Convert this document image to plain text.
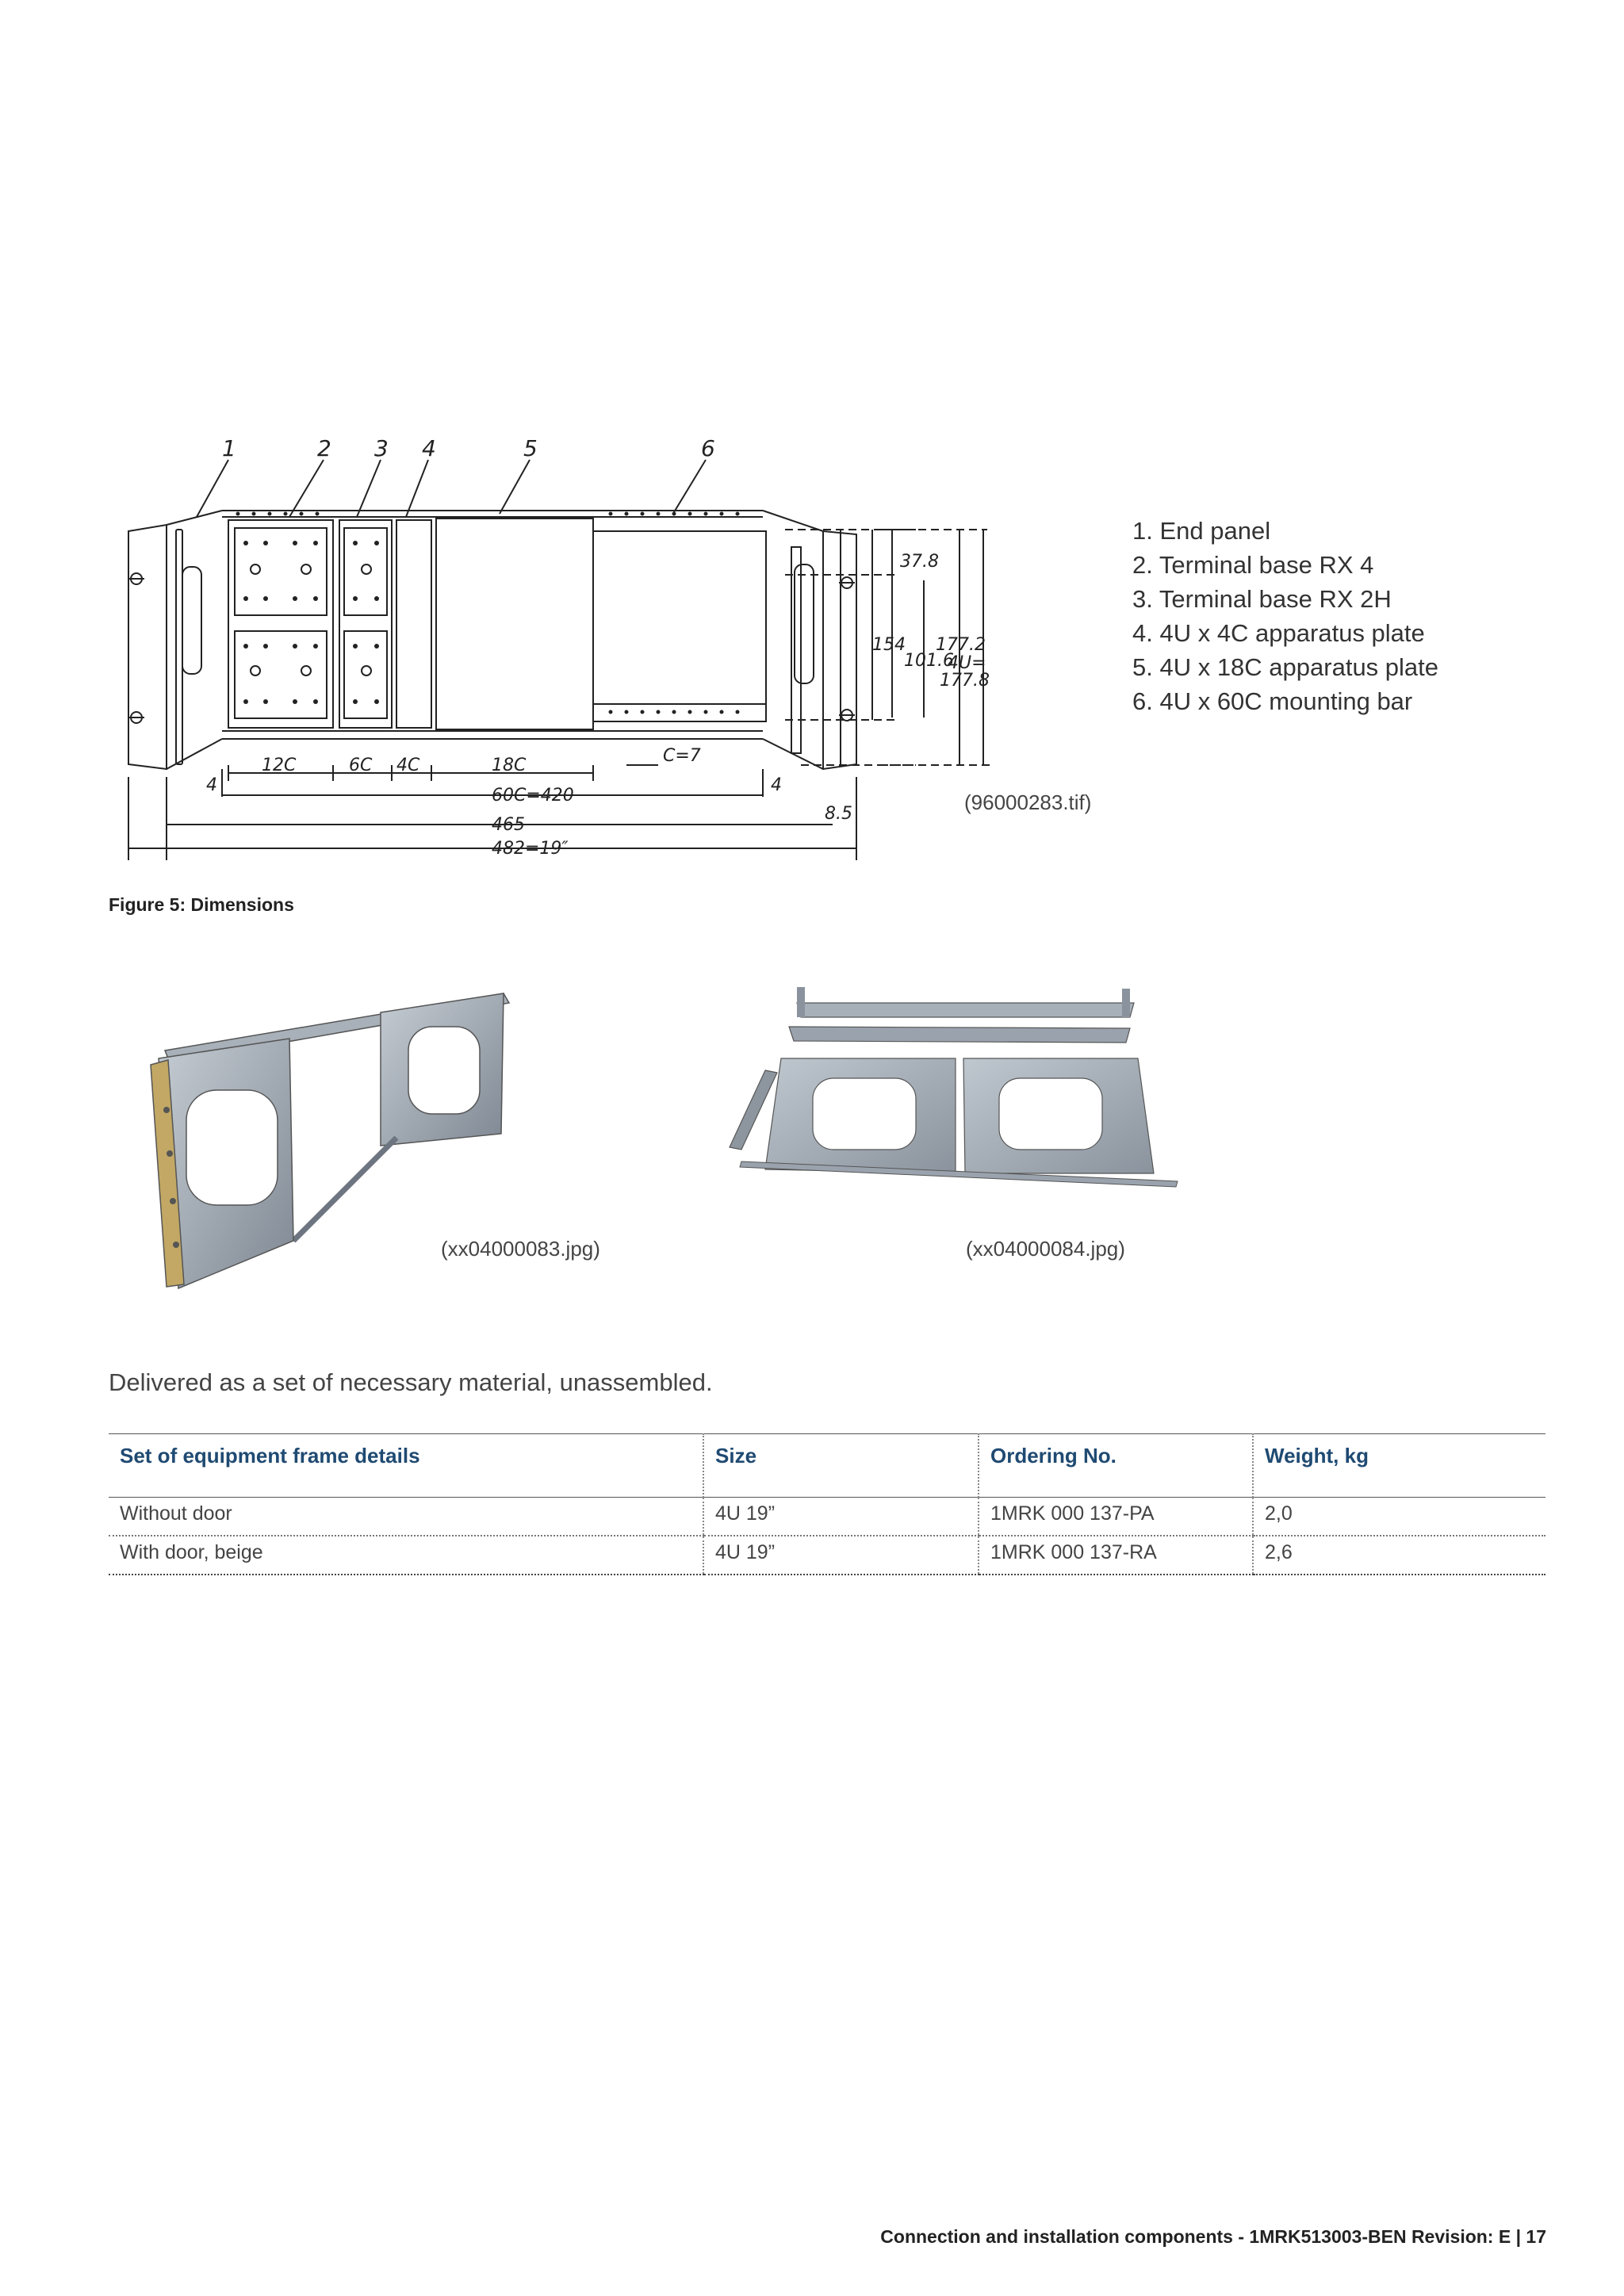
1	2 3 4	5	6
12C	6C 4C	18C	C=7
4	4
60C=420
465
482=19″
8.5
37.8
154
101.6
177.2
4U=
177.8
(96000283.tif)
1. End panel
2. Terminal base RX 4
3. Terminal base RX 2H
4. 4U x 4C apparatus plate
5. 4U x 18C apparatus plate
6. 4U x 60C mounting bar
Figure 5: Dimensions
(xx04000083.jpg)	(xx04000084.jpg)
Delivered as a set of necessary material, unassembled.
Set of equipment frame details	Size	Ordering No.	Weight, kg
Without door	4U 19”	1MRK 000 137-PA	2,0
With door, beige	4U 19”	1MRK 000 137-RA	2,6
Connection and installation components - 1MRK513003-BEN Revision: E | 17
